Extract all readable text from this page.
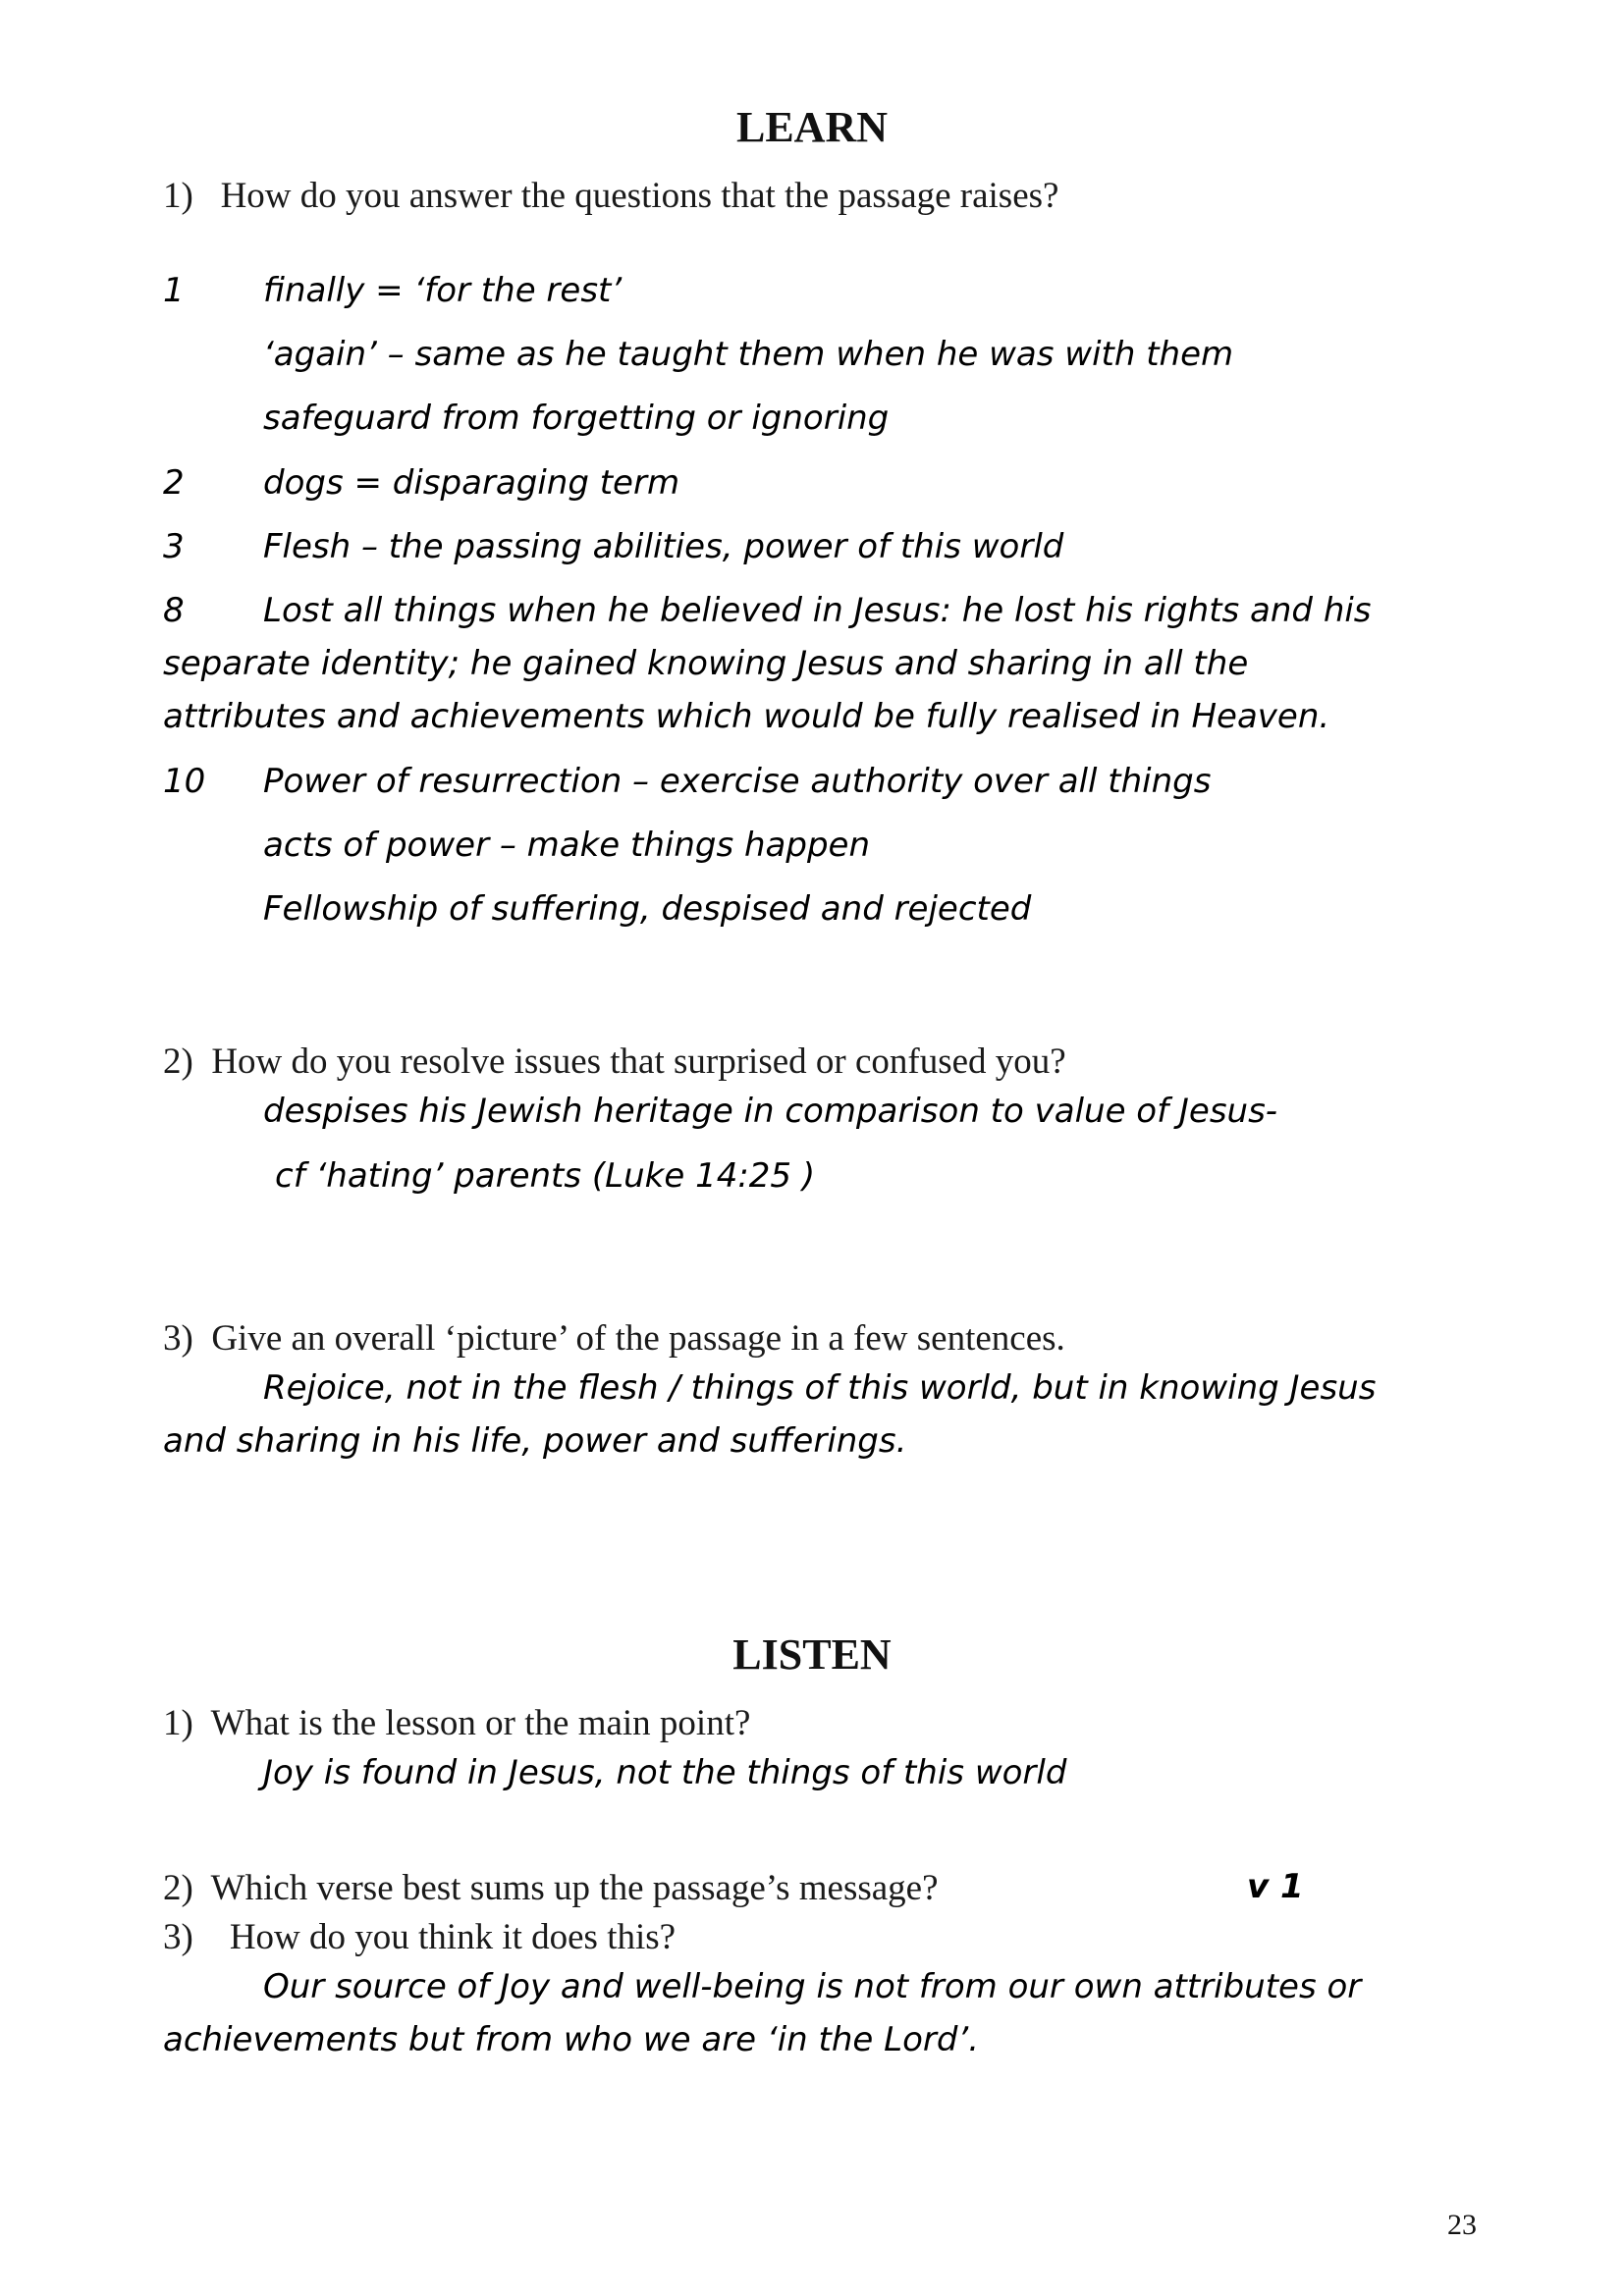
LEARN
1) How do you answer the questions that the passage raises?
1 finally = ‘for the rest’
‘again’ – same as he taught them when he was with them
safeguard from forgetting or ignoring
2 dogs = disparaging term
3 Flesh – the passing abilities, power of this world
8 Lost all things when he believed in Jesus: he lost his rights and his
separate identity; he gained knowing Jesus and sharing in all the
attributes and achievements which would be fully realised in Heaven.
10 Power of resurrection – exercise authority over all things
acts of power – make things happen
Fellowship of suffering, despised and rejected
2) How do you resolve issues that surprised or confused you?
despises his Jewish heritage in comparison to value of Jesus-
cf ‘hating’ parents (Luke 14:25 )
3) Give an overall ‘picture’ of the passage in a few sentences.
Rejoice, not in the flesh / things of this world, but in knowing Jesus
and sharing in his life, power and sufferings.
LISTEN
1) What is the lesson or the main point?
Joy is found in Jesus, not the things of this world
2) Which verse best sums up the passage’s message?	v 1
3) How do you think it does this?
Our source of Joy and well-being is not from our own attributes or
achievements but from who we are ‘in the Lord’.
23
